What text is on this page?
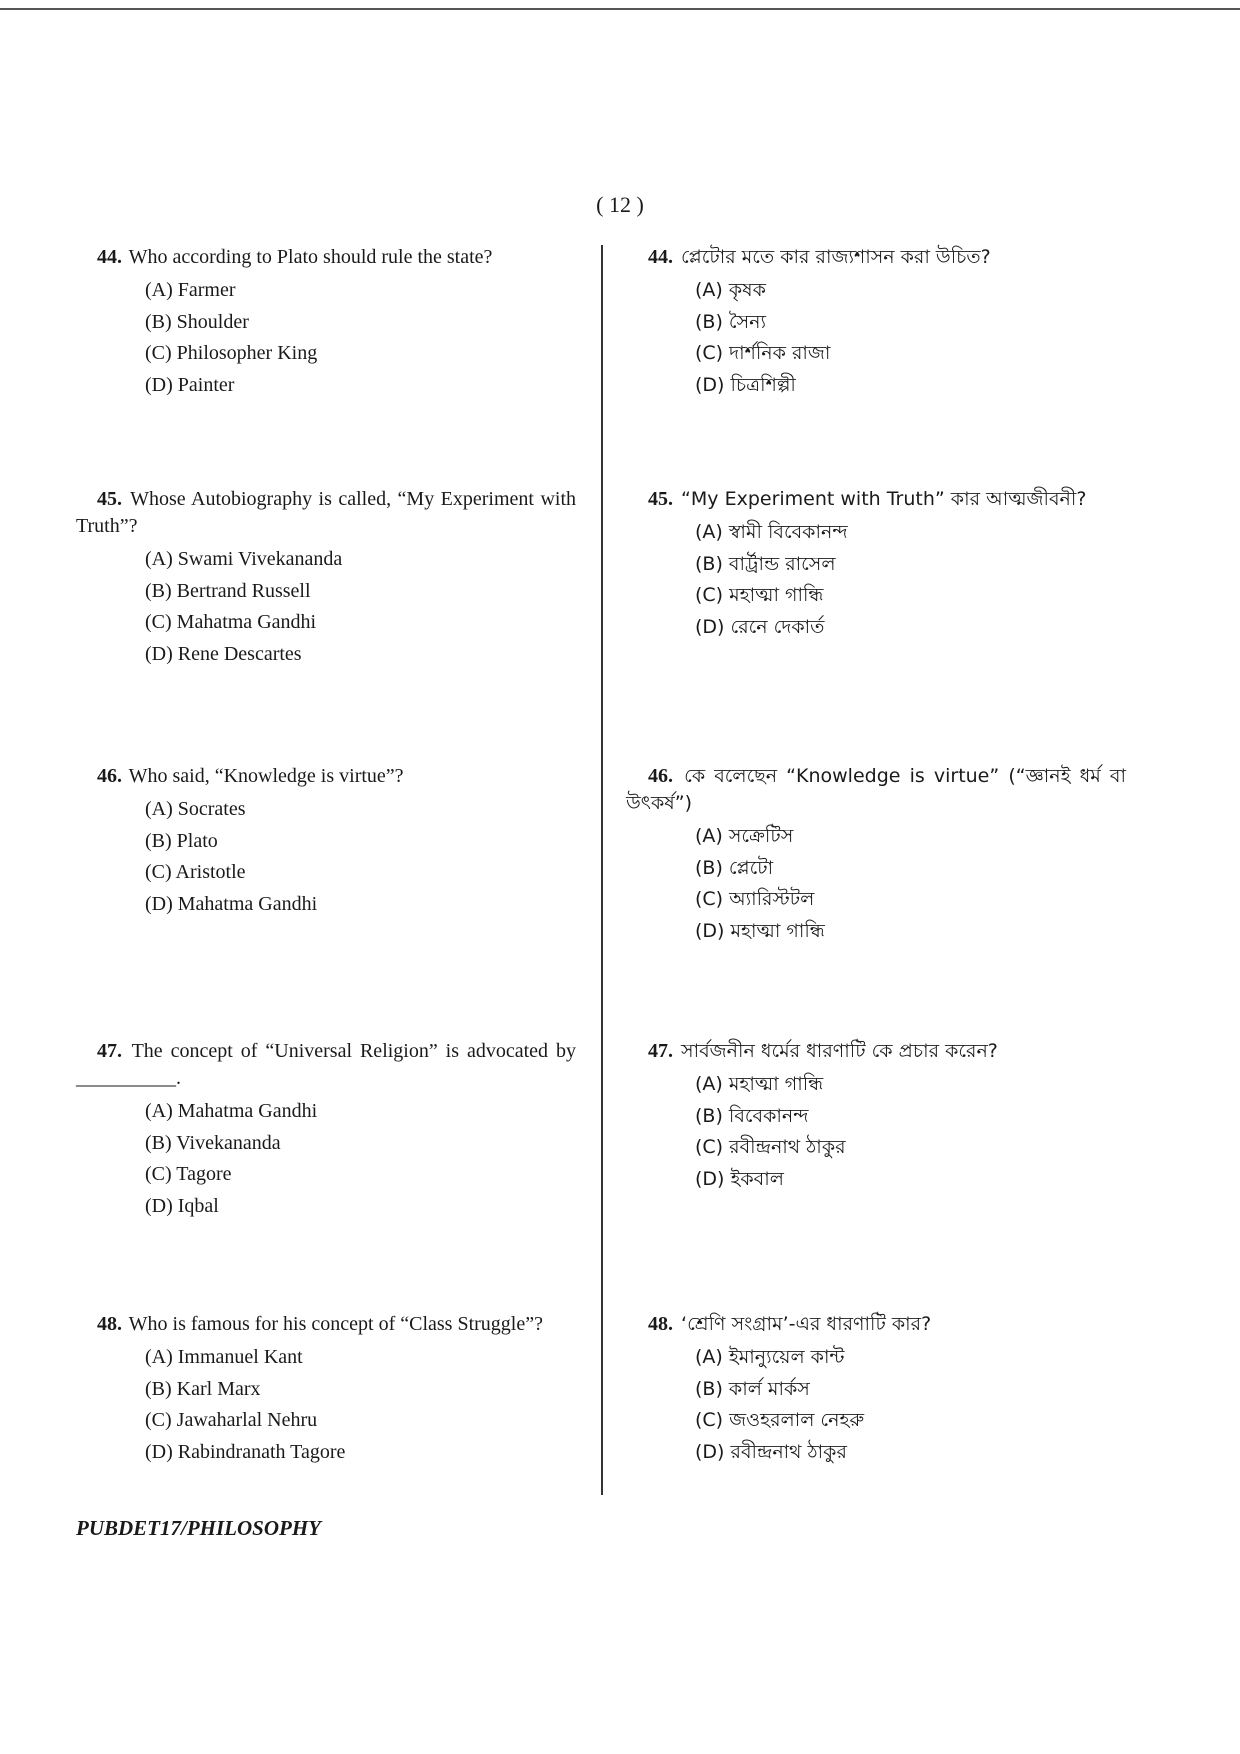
( 12 )
44. Who according to Plato should rule the state?
(A) Farmer
(B) Shoulder
(C) Philosopher King
(D) Painter
45. Whose Autobiography is called, “My Experiment with Truth”?
(A) Swami Vivekananda
(B) Bertrand Russell
(C) Mahatma Gandhi
(D) Rene Descartes
46. Who said, “Knowledge is virtue”?
(A) Socrates
(B) Plato
(C) Aristotle
(D) Mahatma Gandhi
47. The concept of “Universal Religion” is advocated by __________.
(A) Mahatma Gandhi
(B) Vivekananda
(C) Tagore
(D) Iqbal
48. Who is famous for his concept of “Class Struggle”?
(A) Immanuel Kant
(B) Karl Marx
(C) Jawaharlal Nehru
(D) Rabindranath Tagore
44. প্লেটোর মতে কার রাজ্যশাসন করা উচিত?
(A) কৃষক
(B) সৈন্য
(C) দার্শনিক রাজা
(D) চিত্রশিল্পী
45. “My Experiment with Truth” কার আত্মজীবনী?
(A) স্বামী বিবেকানন্দ
(B) বার্ট্রান্ড রাসেল
(C) মহাত্মা গান্ধি
(D) রেনে দেকার্ত
46. কে বলেছেন “Knowledge is virtue” (“জ্ঞানই ধর্ম বা উৎকর্ষ”)
(A) সক্রেটিস
(B) প্লেটো
(C) অ্যারিস্টটল
(D) মহাত্মা গান্ধি
47. সার্বজনীন ধর্মের ধারণাটি কে প্রচার করেন?
(A) মহাত্মা গান্ধি
(B) বিবেকানন্দ
(C) রবীন্দ্রনাথ ঠাকুর
(D) ইকবাল
48. ‘শ্রেণি সংগ্রাম’-এর ধারণাটি কার?
(A) ইমান্যুয়েল কান্ট
(B) কার্ল মার্কস
(C) জওহরলাল নেহরু
(D) রবীন্দ্রনাথ ঠাকুর
PUBDET17/PHILOSOPHY
